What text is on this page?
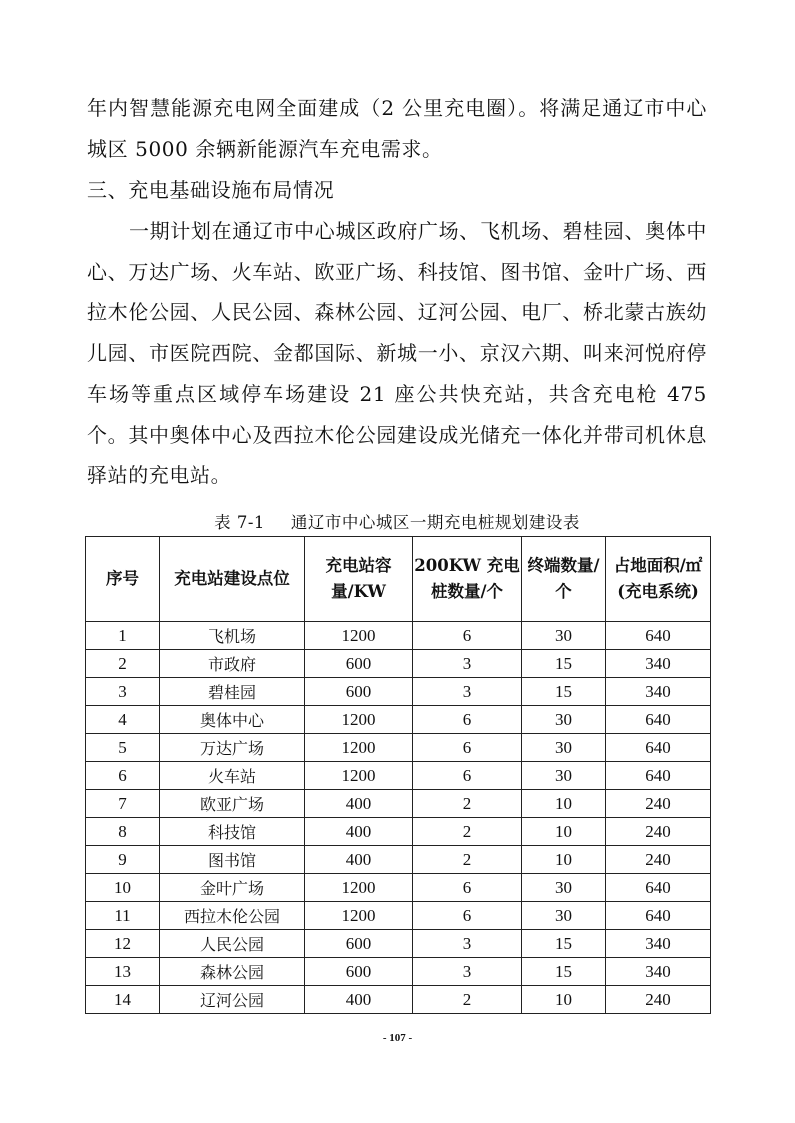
年内智慧能源充电网全面建成（2 公里充电圈）。将满足通辽市中心城区 5000 余辆新能源汽车充电需求。

三、充电基础设施布局情况

一期计划在通辽市中心城区政府广场、飞机场、碧桂园、奥体中心、万达广场、火车站、欧亚广场、科技馆、图书馆、金叶广场、西拉木伦公园、人民公园、森林公园、辽河公园、电厂、桥北蒙古族幼儿园、市医院西院、金都国际、新城一小、京汉六期、叫来河悦府停车场等重点区域停车场建设 21 座公共快充站，共含充电枪 475 个。其中奥体中心及西拉木伦公园建设成光储充一体化并带司机休息驿站的充电站。

表 7-1 通辽市中心城区一期充电桩规划建设表
序号	充电站建设点位	充电站容量/KW	200KW 充电桩数量/个	终端数量/个	占地面积/㎡(充电系统)
1	飞机场	1200	6	30	640
2	市政府	600	3	15	340
3	碧桂园	600	3	15	340
4	奥体中心	1200	6	30	640
5	万达广场	1200	6	30	640
6	火车站	1200	6	30	640
7	欧亚广场	400	2	10	240
8	科技馆	400	2	10	240
9	图书馆	400	2	10	240
10	金叶广场	1200	6	30	640
11	西拉木伦公园	1200	6	30	640
12	人民公园	600	3	15	340
13	森林公园	600	3	15	340
14	辽河公园	400	2	10	240
- 107 -
